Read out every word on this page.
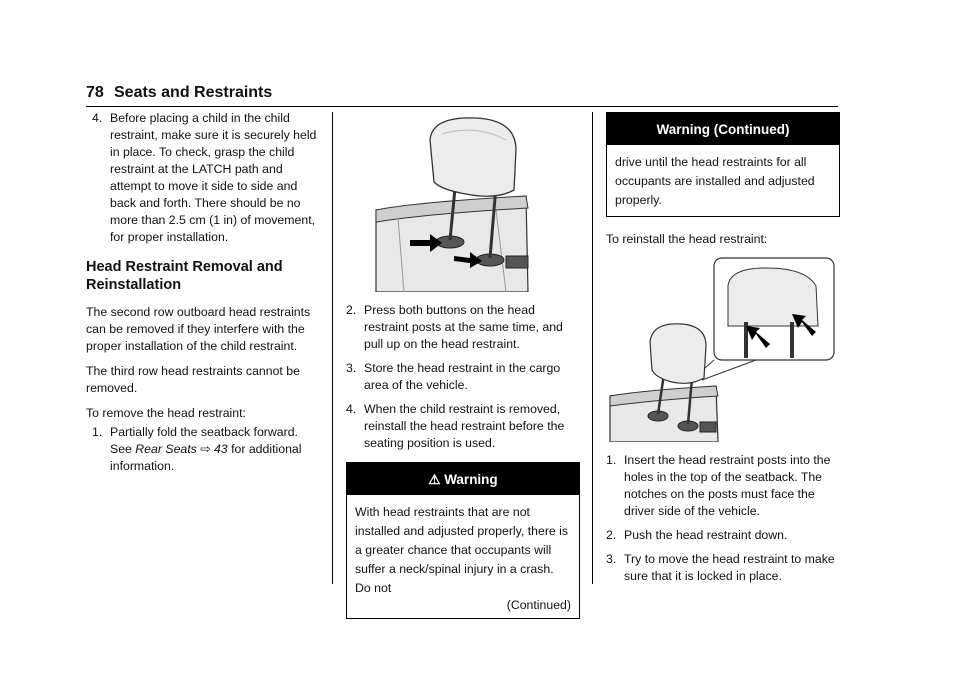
78 Seats and Restraints
4. Before placing a child in the child restraint, make sure it is securely held in place. To check, grasp the child restraint at the LATCH path and attempt to move it side to side and back and forth. There should be no more than 2.5 cm (1 in) of movement, for proper installation.
Head Restraint Removal and Reinstallation

The second row outboard head restraints can be removed if they interfere with the proper installation of the child restraint.

The third row head restraints cannot be removed.

To remove the head restraint:

1. Partially fold the seatback forward. See Rear Seats ⇨ 43 for additional information.
2. Press both buttons on the head restraint posts at the same time, and pull up on the head restraint.
3. Store the head restraint in the cargo area of the vehicle.
4. When the child restraint is removed, reinstall the head restraint before the seating position is used.
⚠ Warning
With head restraints that are not installed and adjusted properly, there is a greater chance that occupants will suffer a neck/spinal injury in a crash. Do not
(Continued)
Warning (Continued)
drive until the head restraints for all occupants are installed and adjusted properly.

To reinstall the head restraint:

1. Insert the head restraint posts into the holes in the top of the seatback. The notches on the posts must face the driver side of the vehicle.
2. Push the head restraint down.
3. Try to move the head restraint to make sure that it is locked in place.
